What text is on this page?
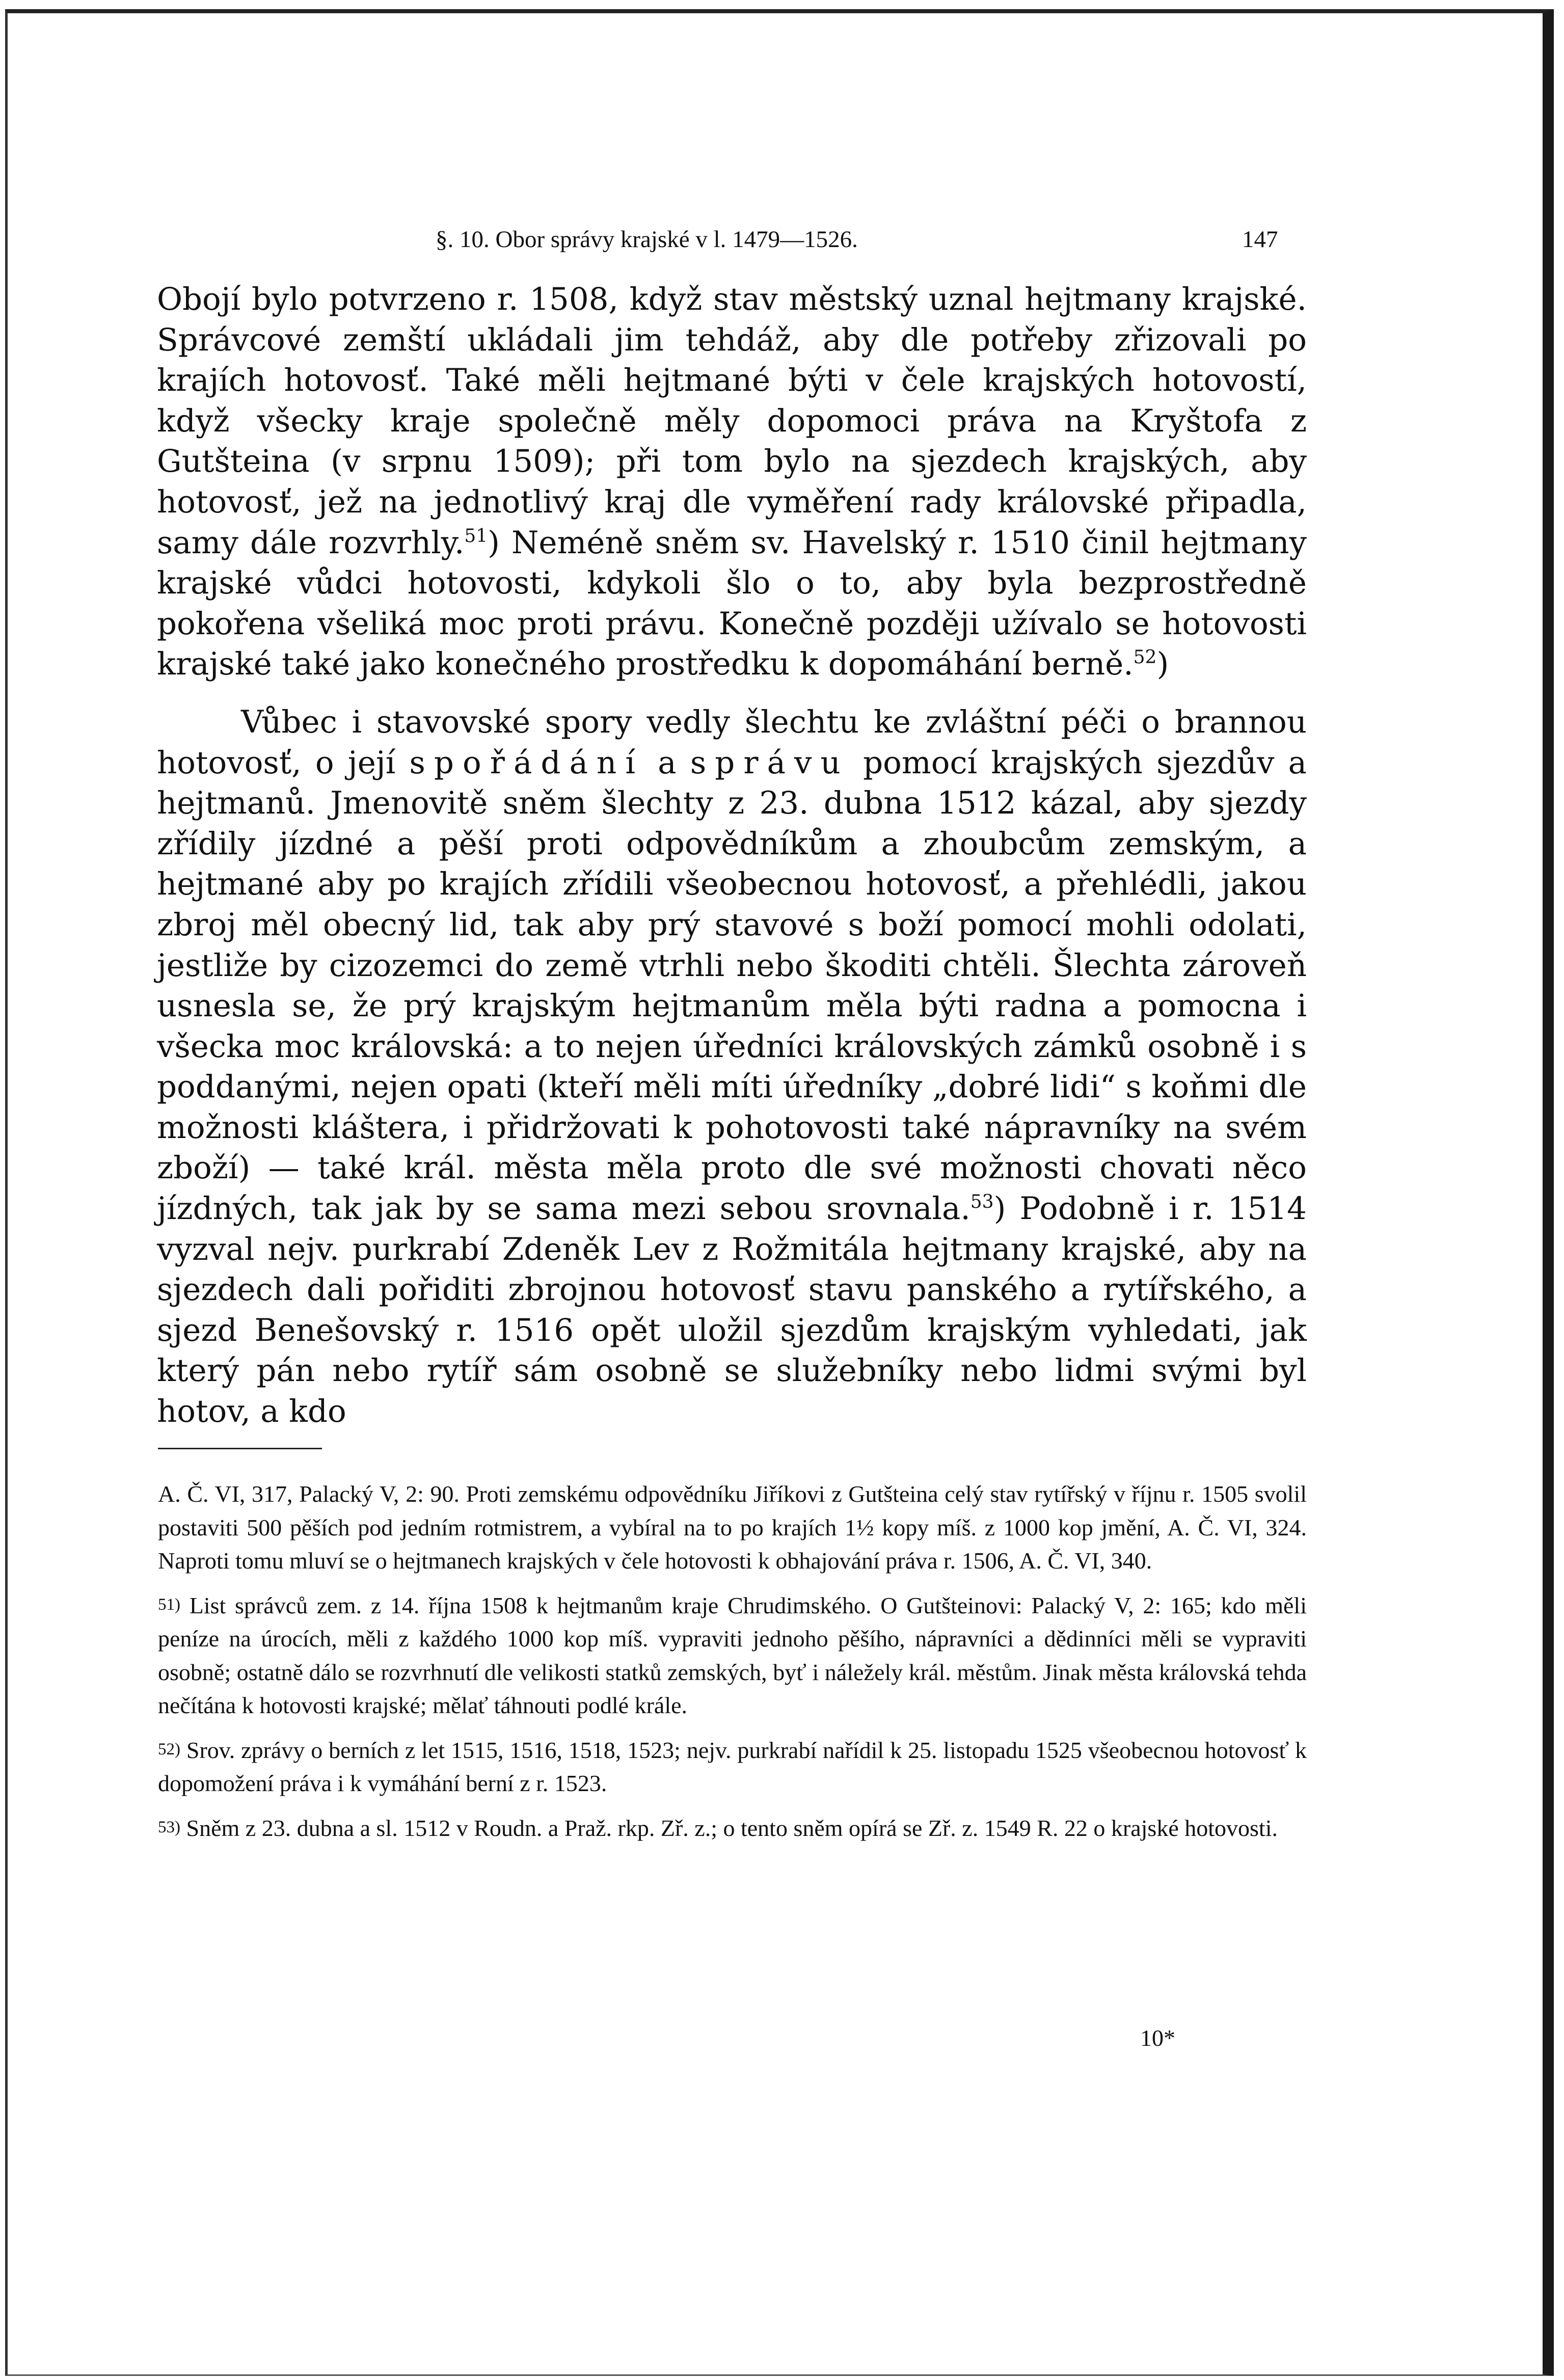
§. 10. Obor správy krajské v l. 1479—1526.	147

Obojí bylo potvrzeno r. 1508, když stav městský uznal hejtmany krajské. Správcové zemští ukládali jim tehdáž, aby dle potřeby zřizovali po krajích hotovosť. Také měli hejtmané býti v čele krajských hotovostí, když všecky kraje společně měly dopomoci práva na Kryštofa z Gutšteina (v srpnu 1509); při tom bylo na sjezdech krajských, aby hotovosť, jež na jednotlivý kraj dle vyměření rady královské připadla, samy dále rozvrhly.$^{51}$) Neméně sněm sv. Havelský r. 1510 činil hejtmany krajské vůdci hotovosti, kdykoli šlo o to, aby byla bezprostředně pokořena všeliká moc proti právu. Konečně později užívalo se hotovosti krajské také jako konečného prostředku k dopomáhání berně.$^{52}$)

Vůbec i stavovské spory vedly šlechtu ke zvláštní péči o brannou hotovosť, o její spořádání a správu pomocí krajských sjezdův a hejtmanů. Jmenovitě sněm šlechty z 23. dubna 1512 kázal, aby sjezdy zřídily jízdné a pěší proti odpovědníkům a zhoubcům zemským, a hejtmané aby po krajích zřídili všeobecnou hotovosť, a přehlédli, jakou zbroj měl obecný lid, tak aby prý stavové s boží pomocí mohli odolati, jestliže by cizozemci do země vtrhli nebo škoditi chtěli. Šlechta zároveň usnesla se, že prý krajským hejtmanům měla býti radna a pomocna i všecka moc královská: a to nejen úředníci královských zámků osobně i s poddanými, nejen opati (kteří měli míti úředníky „dobré lidi“ s koňmi dle možnosti kláštera, i přidržovati k pohotovosti také nápravníky na svém zboží) — také král. města měla proto dle své možnosti chovati něco jízdných, tak jak by se sama mezi sebou srovnala.$^{53}$) Podobně i r. 1514 vyzval nejv. purkrabí Zdeněk Lev z Rožmitála hejtmany krajské, aby na sjezdech dali pořiditi zbrojnou hotovosť stavu panského a rytířského, a sjezd Benešovský r. 1516 opět uložil sjezdům krajským vyhledati, jak který pán nebo rytíř sám osobně se služebníky nebo lidmi svými byl hotov, a kdo

A. Č. VI, 317, Palacký V, 2: 90. Proti zemskému odpovědníku Jiříkovi z Gutšteina celý stav rytířský v říjnu r. 1505 svolil postaviti 500 pěších pod jedním rotmistrem, a vybíral na to po krajích 1½ kopy míš. z 1000 kop jmění, A. Č. VI, 324. Naproti tomu mluví se o hejtmanech krajských v čele hotovosti k obhajování práva r. 1506, A. Č. VI, 340.

51) List správců zem. z 14. října 1508 k hejtmanům kraje Chrudimského. O Gutšteinovi: Palacký V, 2: 165; kdo měli peníze na úrocích, měli z každého 1000 kop míš. vypraviti jednoho pěšího, nápravníci a dědinníci měli se vypraviti osobně; ostatně dálo se rozvrhnutí dle velikosti statků zemských, byť i náležely král. městům. Jinak města královská tehda nečítána k hotovosti krajské; mělať táhnouti podlé krále.

52) Srov. zprávy o berních z let 1515, 1516, 1518, 1523; nejv. purkrabí nařídil k 25. listopadu 1525 všeobecnou hotovosť k dopomožení práva i k vymáhání berní z r. 1523.

53) Sněm z 23. dubna a sl. 1512 v Roudn. a Praž. rkp. Zř. z.; o tento sněm opírá se Zř. z. 1549 R. 22 o krajské hotovosti.

10*
